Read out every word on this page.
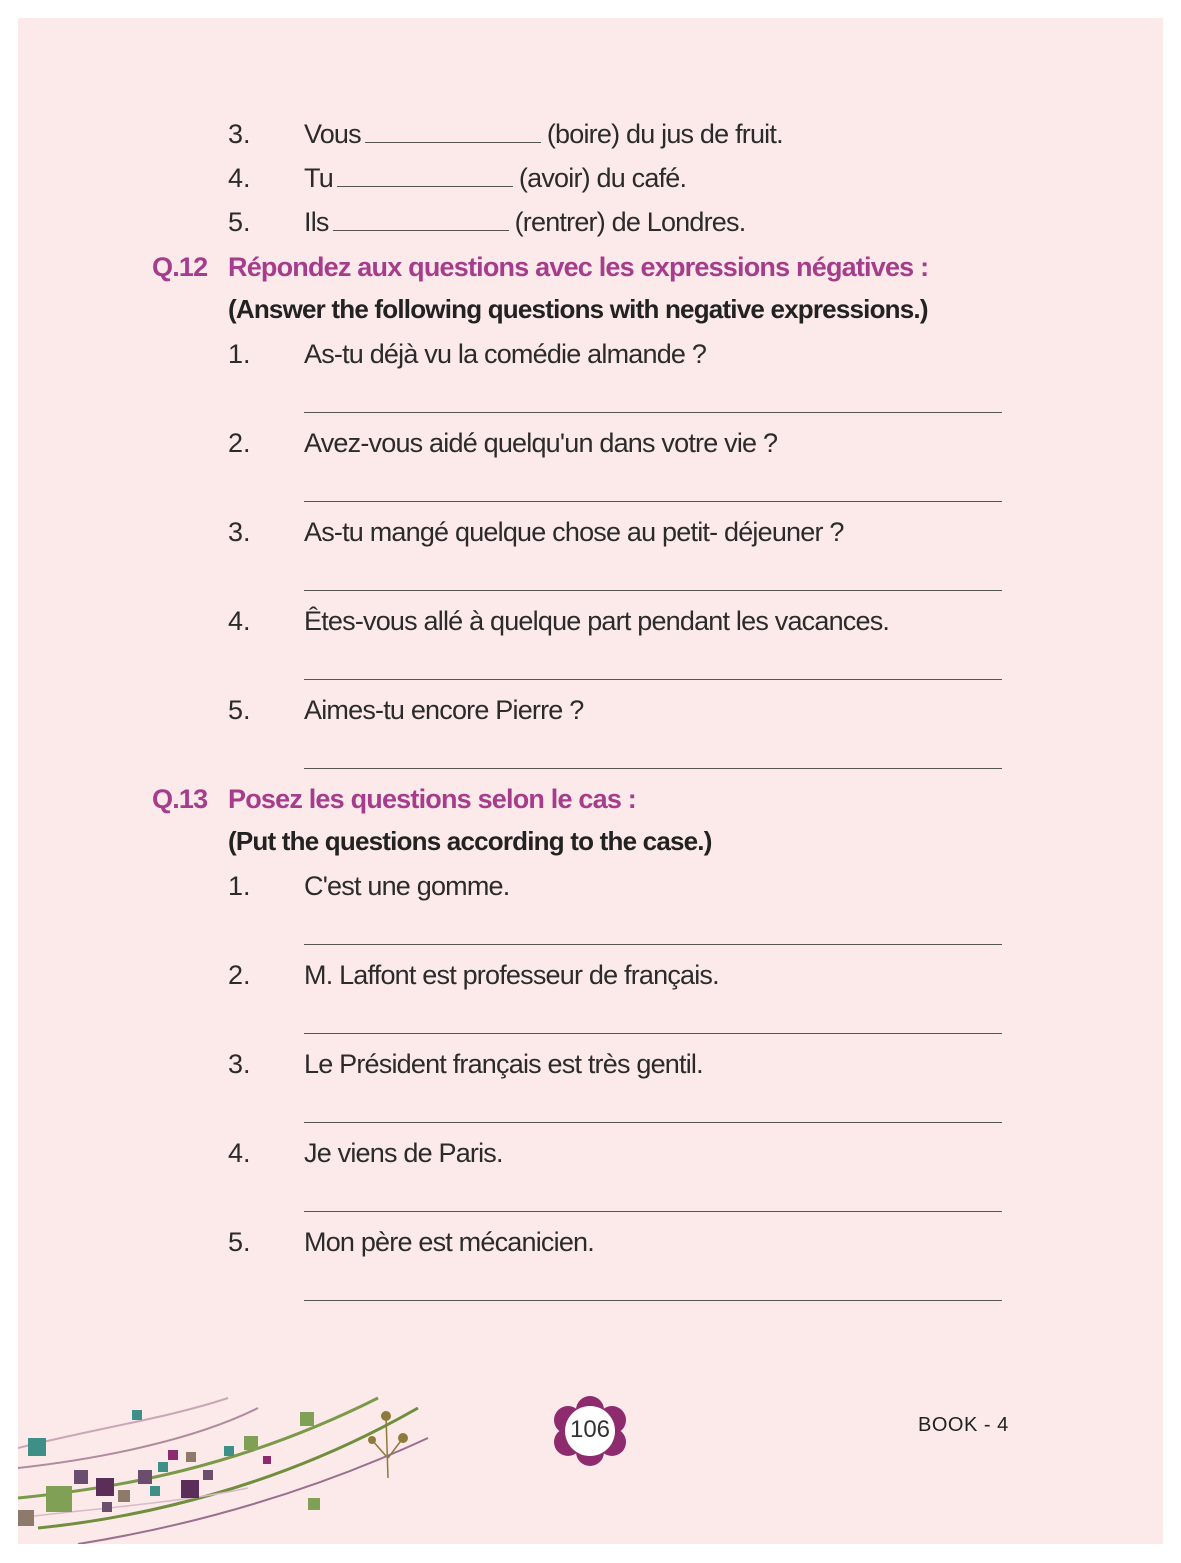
3. Vous	(boire) du jus de fruit.
4. Tu	(avoir) du café.
5. Ils	(rentrer) de Londres.
Q.12 Répondez aux questions avec les expressions négatives :
(Answer the following questions with negative expressions.)
1. As-tu déjà vu la comédie almande ?
2. Avez-vous aidé quelqu'un dans votre vie ?
3. As-tu mangé quelque chose au petit- déjeuner ?
4. Êtes-vous allé à quelque part pendant les vacances.
5. Aimes-tu encore Pierre ?
Q.13 Posez les questions selon le cas :
(Put the questions according to the case.)
1. C'est une gomme.
2. M. Laffont est professeur de français.
3. Le Président français est très gentil.
4. Je viens de Paris.
5. Mon père est mécanicien.
106	BOOK - 4
